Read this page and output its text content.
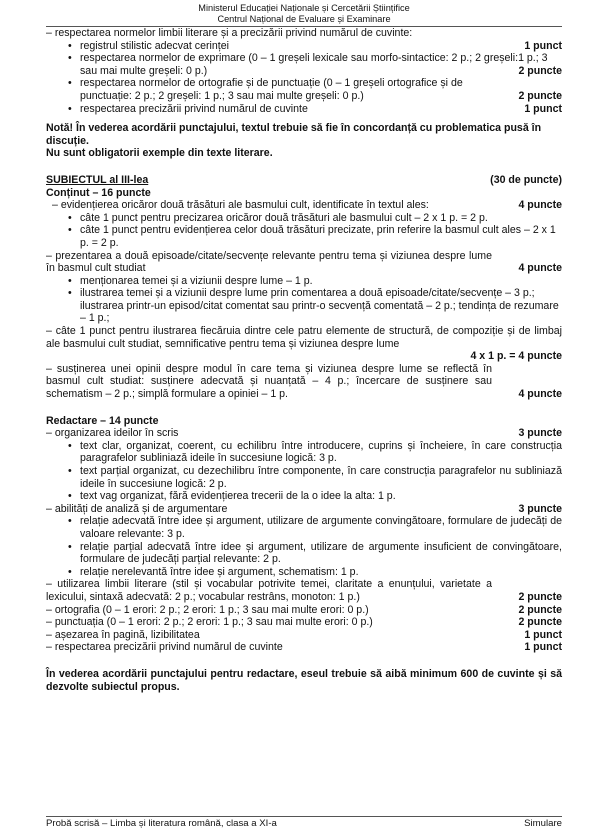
Ministerul Educației Naționale și Cercetării Științifice
Centrul Național de Evaluare și Examinare
– respectarea normelor limbii literare și a precizării privind numărul de cuvinte:
• registrul stilistic adecvat cerinței	1 punct
• respectarea normelor de exprimare (0 – 1 greșeli lexicale sau morfo-sintactice: 2 p.; 2 greșeli:1 p.; 3 sau mai multe greșeli: 0 p.)	2 puncte
• respectarea normelor de ortografie și de punctuație (0 – 1 greșeli ortografice și de punctuație: 2 p.; 2 greșeli: 1 p.; 3 sau mai multe greșeli: 0 p.)	2 puncte
• respectarea precizării privind numărul de cuvinte	1 punct
Notă! În vederea acordării punctajului, textul trebuie să fie în concordanță cu problematica pusă în discuție.
Nu sunt obligatorii exemple din texte literare.
SUBIECTUL al III-lea	(30 de puncte)
Conținut – 16 puncte
– evidențierea oricăror două trăsături ale basmului cult, identificate în textul ales:	4 puncte
• câte 1 punct pentru precizarea oricăror două trăsături ale basmului cult – 2 x 1 p. = 2 p.
• câte 1 punct pentru evidențierea celor două trăsături precizate, prin referire la basmul cult ales – 2 x 1 p. = 2 p.
– prezentarea a două episoade/citate/secvențe relevante pentru tema și viziunea despre lume în basmul cult studiat	4 puncte
• menționarea temei și a viziunii despre lume – 1 p.
• ilustrarea temei și a viziunii despre lume prin comentarea a două episoade/citate/secvențe – 3 p.; ilustrarea printr-un episod/citat comentat sau printr-o secvență comentată – 2 p.; tendința de rezumare – 1 p.;
– câte 1 punct pentru ilustrarea fiecăruia dintre cele patru elemente de structură, de compoziție și de limbaj ale basmului cult studiat, semnificative pentru tema și viziunea despre lume
4 x 1 p. = 4 puncte
– susținerea unei opinii despre modul în care tema și viziunea despre lume se reflectă în basmul cult studiat: susținere adecvată și nuanțată – 4 p.; încercare de susținere sau schematism – 2 p.; simplă formulare a opiniei – 1 p.	4 puncte
Redactare – 14 puncte
– organizarea ideilor în scris	3 puncte
• text clar, organizat, coerent, cu echilibru între introducere, cuprins și încheiere, în care construcția paragrafelor subliniază ideile în succesiune logică: 3 p.
• text parțial organizat, cu dezechilibru între componente, în care construcția paragrafelor nu subliniază ideile în succesiune logică: 2 p.
• text vag organizat, fără evidențierea trecerii de la o idee la alta: 1 p.
– abilități de analiză și de argumentare	3 puncte
• relație adecvată între idee și argument, utilizare de argumente convingătoare, formulare de judecăți de valoare relevante: 3 p.
• relație parțial adecvată între idee și argument, utilizare de argumente insuficient de convingătoare, formulare de judecăți parțial relevante: 2 p.
• relație nerelevantă între idee și argument, schematism: 1 p.
– utilizarea limbii literare (stil și vocabular potrivite temei, claritate a enunțului, varietate a lexicului, sintaxă adecvată: 2 p.; vocabular restrâns, monoton: 1 p.)	2 puncte
– ortografia (0 – 1 erori: 2 p.; 2 erori: 1 p.; 3 sau mai multe erori: 0 p.)	2 puncte
– punctuația (0 – 1 erori: 2 p.; 2 erori: 1 p.; 3 sau mai multe erori: 0 p.)	2 puncte
– așezarea în pagină, lizibilitatea	1 punct
– respectarea precizării privind numărul de cuvinte	1 punct
În vederea acordării punctajului pentru redactare, eseul trebuie să aibă minimum 600 de cuvinte și să dezvolte subiectul propus.
Probă scrisă – Limba și literatura română, clasa a XI-a	Simulare
